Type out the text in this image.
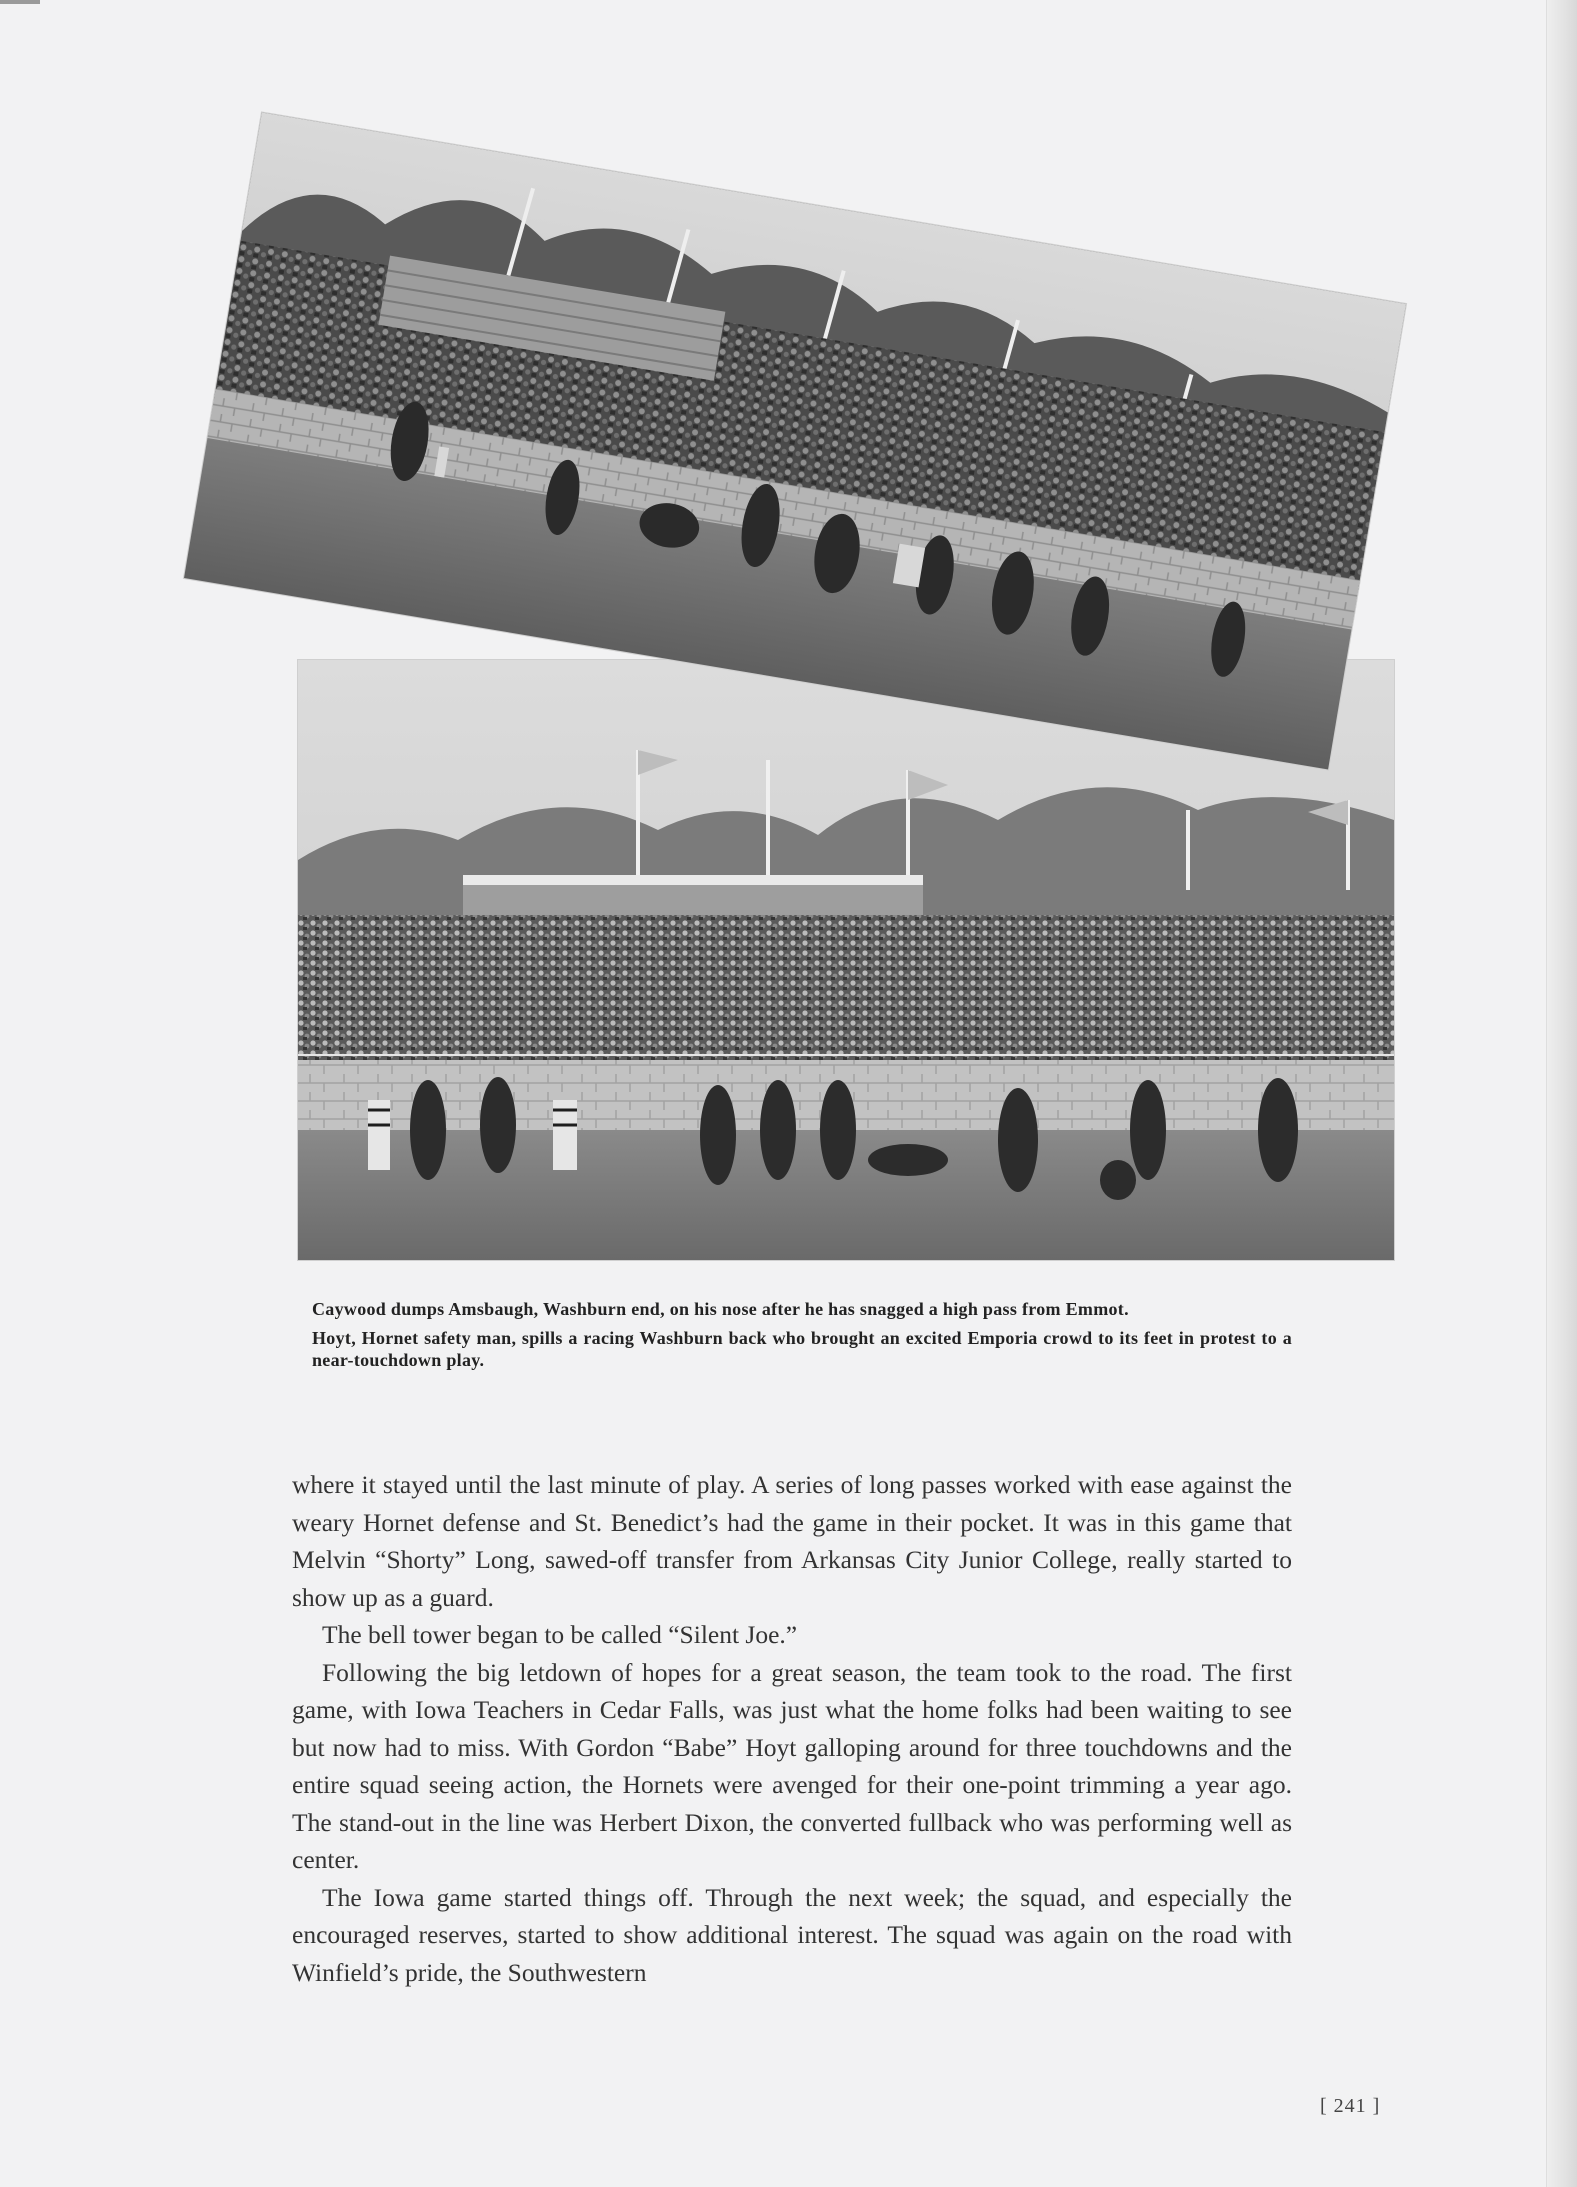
Caywood dumps Amsbaugh, Washburn end, on his nose after he has snagged a high pass from Emmot.

Hoyt, Hornet safety man, spills a racing Washburn back who brought an excited Emporia crowd to its feet in protest to a near-touchdown play.

where it stayed until the last minute of play. A series of long passes worked with ease against the weary Hornet defense and St. Benedict’s had the game in their pocket. It was in this game that Melvin “Shorty” Long, sawed-off transfer from Arkansas City Junior College, really started to show up as a guard.

The bell tower began to be called “Silent Joe.”

Following the big letdown of hopes for a great season, the team took to the road. The first game, with Iowa Teachers in Cedar Falls, was just what the home folks had been waiting to see but now had to miss. With Gordon “Babe” Hoyt galloping around for three touchdowns and the entire squad seeing action, the Hornets were avenged for their one-point trimming a year ago. The stand-out in the line was Herbert Dixon, the converted fullback who was performing well as center.

The Iowa game started things off. Through the next week; the squad, and especially the encouraged reserves, started to show additional interest. The squad was again on the road with Winfield’s pride, the Southwestern

[ 241 ]
